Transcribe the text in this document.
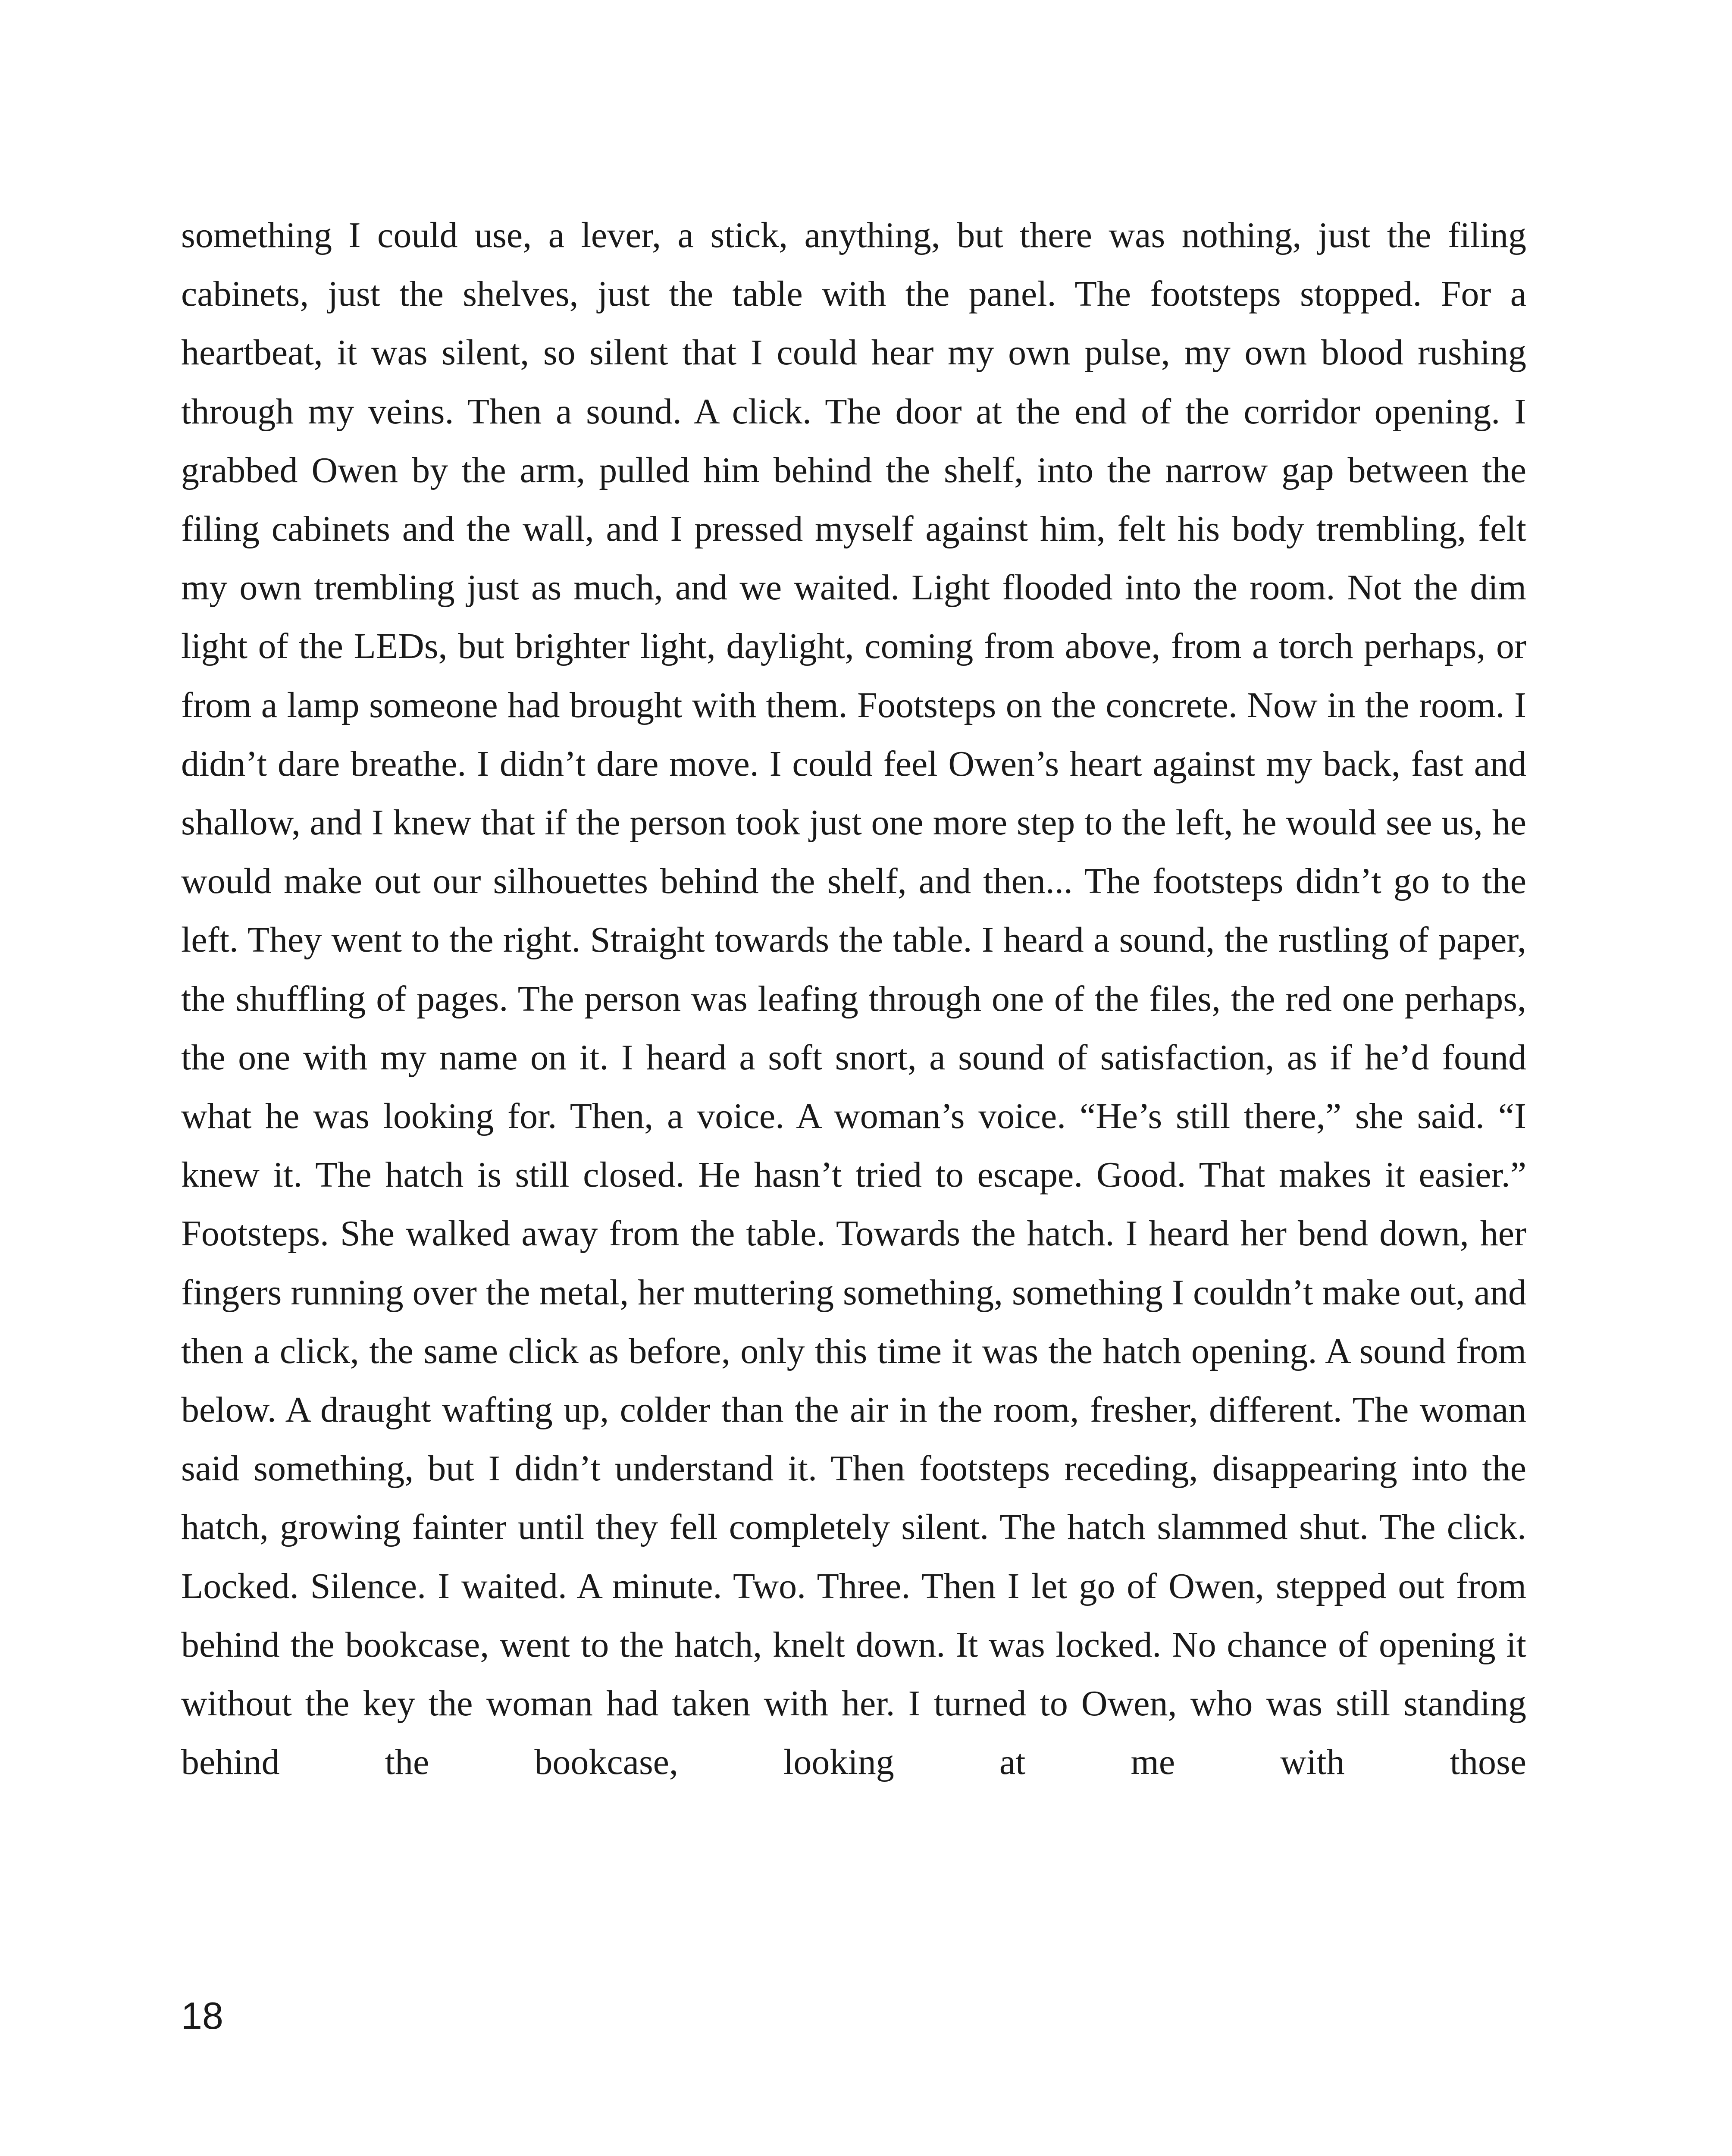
something I could use, a lever, a stick, anything, but there was nothing, just the filing cabinets, just the shelves, just the table with the panel. The footsteps stopped. For a heartbeat, it was silent, so silent that I could hear my own pulse, my own blood rushing through my veins. Then a sound. A click. The door at the end of the corridor opening. I grabbed Owen by the arm, pulled him behind the shelf, into the narrow gap between the filing cabinets and the wall, and I pressed myself against him, felt his body trembling, felt my own trembling just as much, and we waited. Light flooded into the room. Not the dim light of the LEDs, but brighter light, daylight, coming from above, from a torch perhaps, or from a lamp someone had brought with them. Footsteps on the concrete. Now in the room. I didn’t dare breathe. I didn’t dare move. I could feel Owen’s heart against my back, fast and shallow, and I knew that if the person took just one more step to the left, he would see us, he would make out our silhouettes behind the shelf, and then... The footsteps didn’t go to the left. They went to the right. Straight towards the table. I heard a sound, the rustling of paper, the shuffling of pages. The person was leafing through one of the files, the red one perhaps, the one with my name on it. I heard a soft snort, a sound of satisfaction, as if he’d found what he was looking for. Then, a voice. A woman’s voice. “He’s still there,” she said. “I knew it. The hatch is still closed. He hasn’t tried to escape. Good. That makes it easier.” Footsteps. She walked away from the table. Towards the hatch. I heard her bend down, her fingers running over the metal, her muttering something, something I couldn’t make out, and then a click, the same click as before, only this time it was the hatch opening. A sound from below. A draught wafting up, colder than the air in the room, fresher, different. The woman said something, but I didn’t understand it. Then footsteps receding, disappearing into the hatch, growing fainter until they fell completely silent. The hatch slammed shut. The click. Locked. Silence. I waited. A minute. Two. Three. Then I let go of Owen, stepped out from behind the bookcase, went to the hatch, knelt down. It was locked. No chance of opening it without the key the woman had taken with her. I turned to Owen, who was still standing behind the bookcase, looking at me with those

18
